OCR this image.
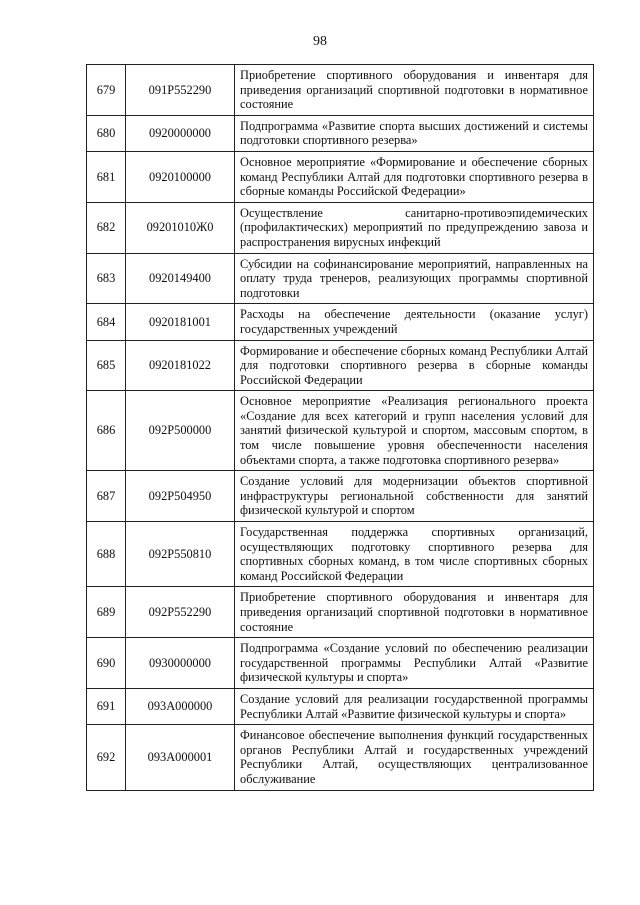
98
679	091P552290	Приобретение спортивного оборудования и инвентаря для приведения организаций спортивной подготовки в нормативное состояние
680	0920000000	Подпрограмма «Развитие спорта высших достижений и системы подготовки спортивного резерва»
681	0920100000	Основное мероприятие «Формирование и обеспечение сборных команд Республики Алтай для подготовки спортивного резерва в сборные команды Российской Федерации»
682	09201010Ж0	Осуществление санитарно-противоэпидемических (профилактических) мероприятий по предупреждению завоза и распространения вирусных инфекций
683	0920149400	Субсидии на софинансирование мероприятий, направленных на оплату труда тренеров, реализующих программы спортивной подготовки
684	0920181001	Расходы на обеспечение деятельности (оказание услуг) государственных учреждений
685	0920181022	Формирование и обеспечение сборных команд Республики Алтай для подготовки спортивного резерва в сборные команды Российской Федерации
686	092P500000	Основное мероприятие «Реализация регионального проекта «Создание для всех категорий и групп населения условий для занятий физической культурой и спортом, массовым спортом, в том числе повышение уровня обеспеченности населения объектами спорта, а также подготовка спортивного резерва»
687	092P504950	Создание условий для модернизации объектов спортивной инфраструктуры региональной собственности для занятий физической культурой и спортом
688	092P550810	Государственная поддержка спортивных организаций, осуществляющих подготовку спортивного резерва для спортивных сборных команд, в том числе спортивных сборных команд Российской Федерации
689	092P552290	Приобретение спортивного оборудования и инвентаря для приведения организаций спортивной подготовки в нормативное состояние
690	0930000000	Подпрограмма «Создание условий по обеспечению реализации государственной программы Республики Алтай «Развитие физической культуры и спорта»
691	093A000000	Создание условий для реализации государственной программы Республики Алтай «Развитие физической культуры и спорта»
692	093A000001	Финансовое обеспечение выполнения функций государственных органов Республики Алтай и государственных учреждений Республики Алтай, осуществляющих централизованное обслуживание
